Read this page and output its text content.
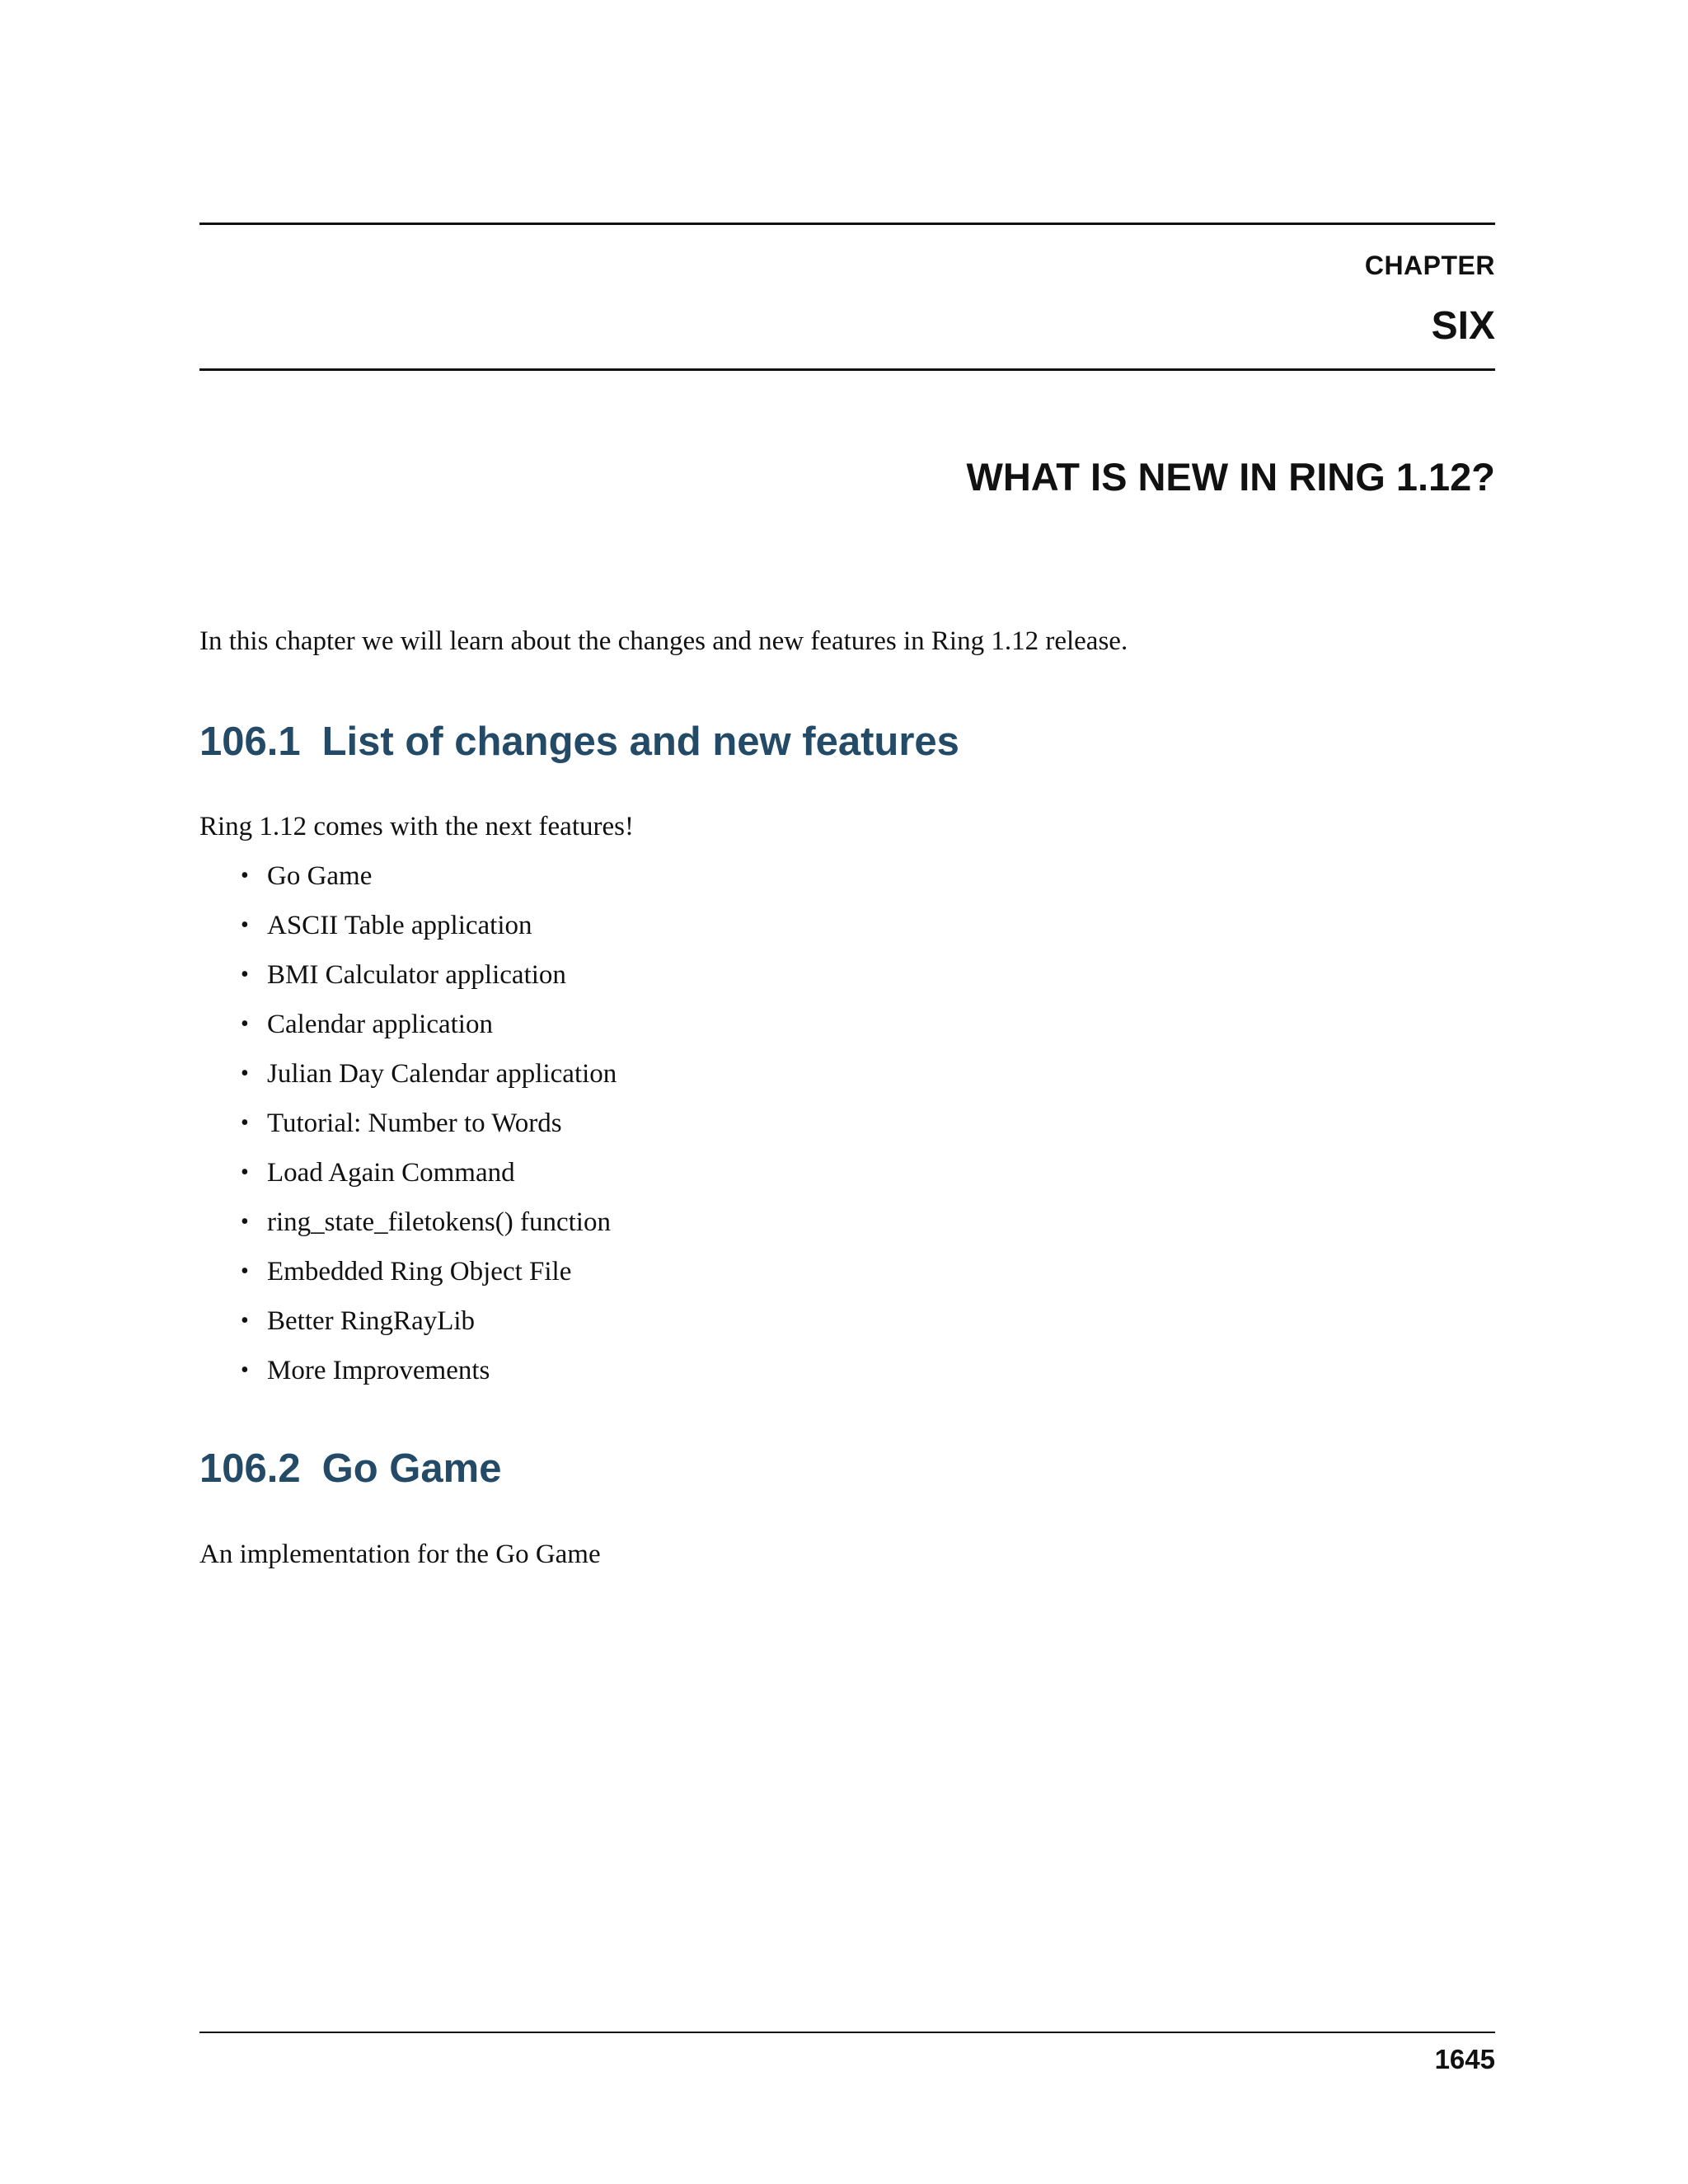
CHAPTER
SIX
WHAT IS NEW IN RING 1.12?

In this chapter we will learn about the changes and new features in Ring 1.12 release.

106.1 List of changes and new features

Ring 1.12 comes with the next features!

• Go Game
• ASCII Table application
• BMI Calculator application
• Calendar application
• Julian Day Calendar application
• Tutorial: Number to Words
• Load Again Command
• ring_state_filetokens() function
• Embedded Ring Object File
• Better RingRayLib
• More Improvements
106.2 Go Game

An implementation for the Go Game

1645
